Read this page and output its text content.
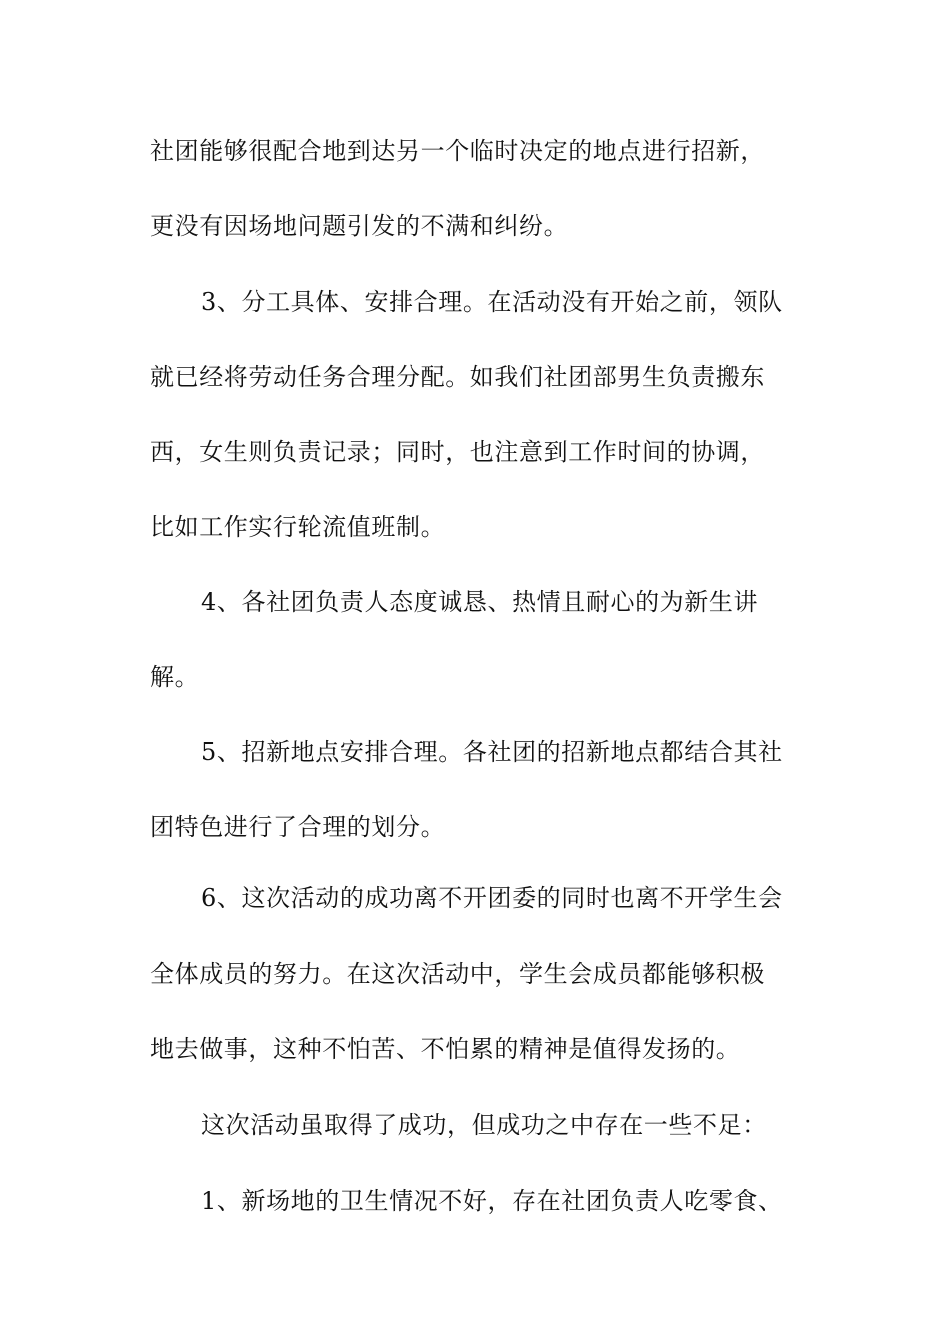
社团能够很配合地到达另一个临时决定的地点进行招新，
更没有因场地问题引发的不满和纠纷。
3、分工具体、安排合理。在活动没有开始之前，领队
就已经将劳动任务合理分配。如我们社团部男生负责搬东
西，女生则负责记录；同时，也注意到工作时间的协调，
比如工作实行轮流值班制。
4、各社团负责人态度诚恳、热情且耐心的为新生讲
解。
5、招新地点安排合理。各社团的招新地点都结合其社
团特色进行了合理的划分。
6、这次活动的成功离不开团委的同时也离不开学生会
全体成员的努力。在这次活动中，学生会成员都能够积极
地去做事，这种不怕苦、不怕累的精神是值得发扬的。
这次活动虽取得了成功，但成功之中存在一些不足：
1、新场地的卫生情况不好，存在社团负责人吃零食、
